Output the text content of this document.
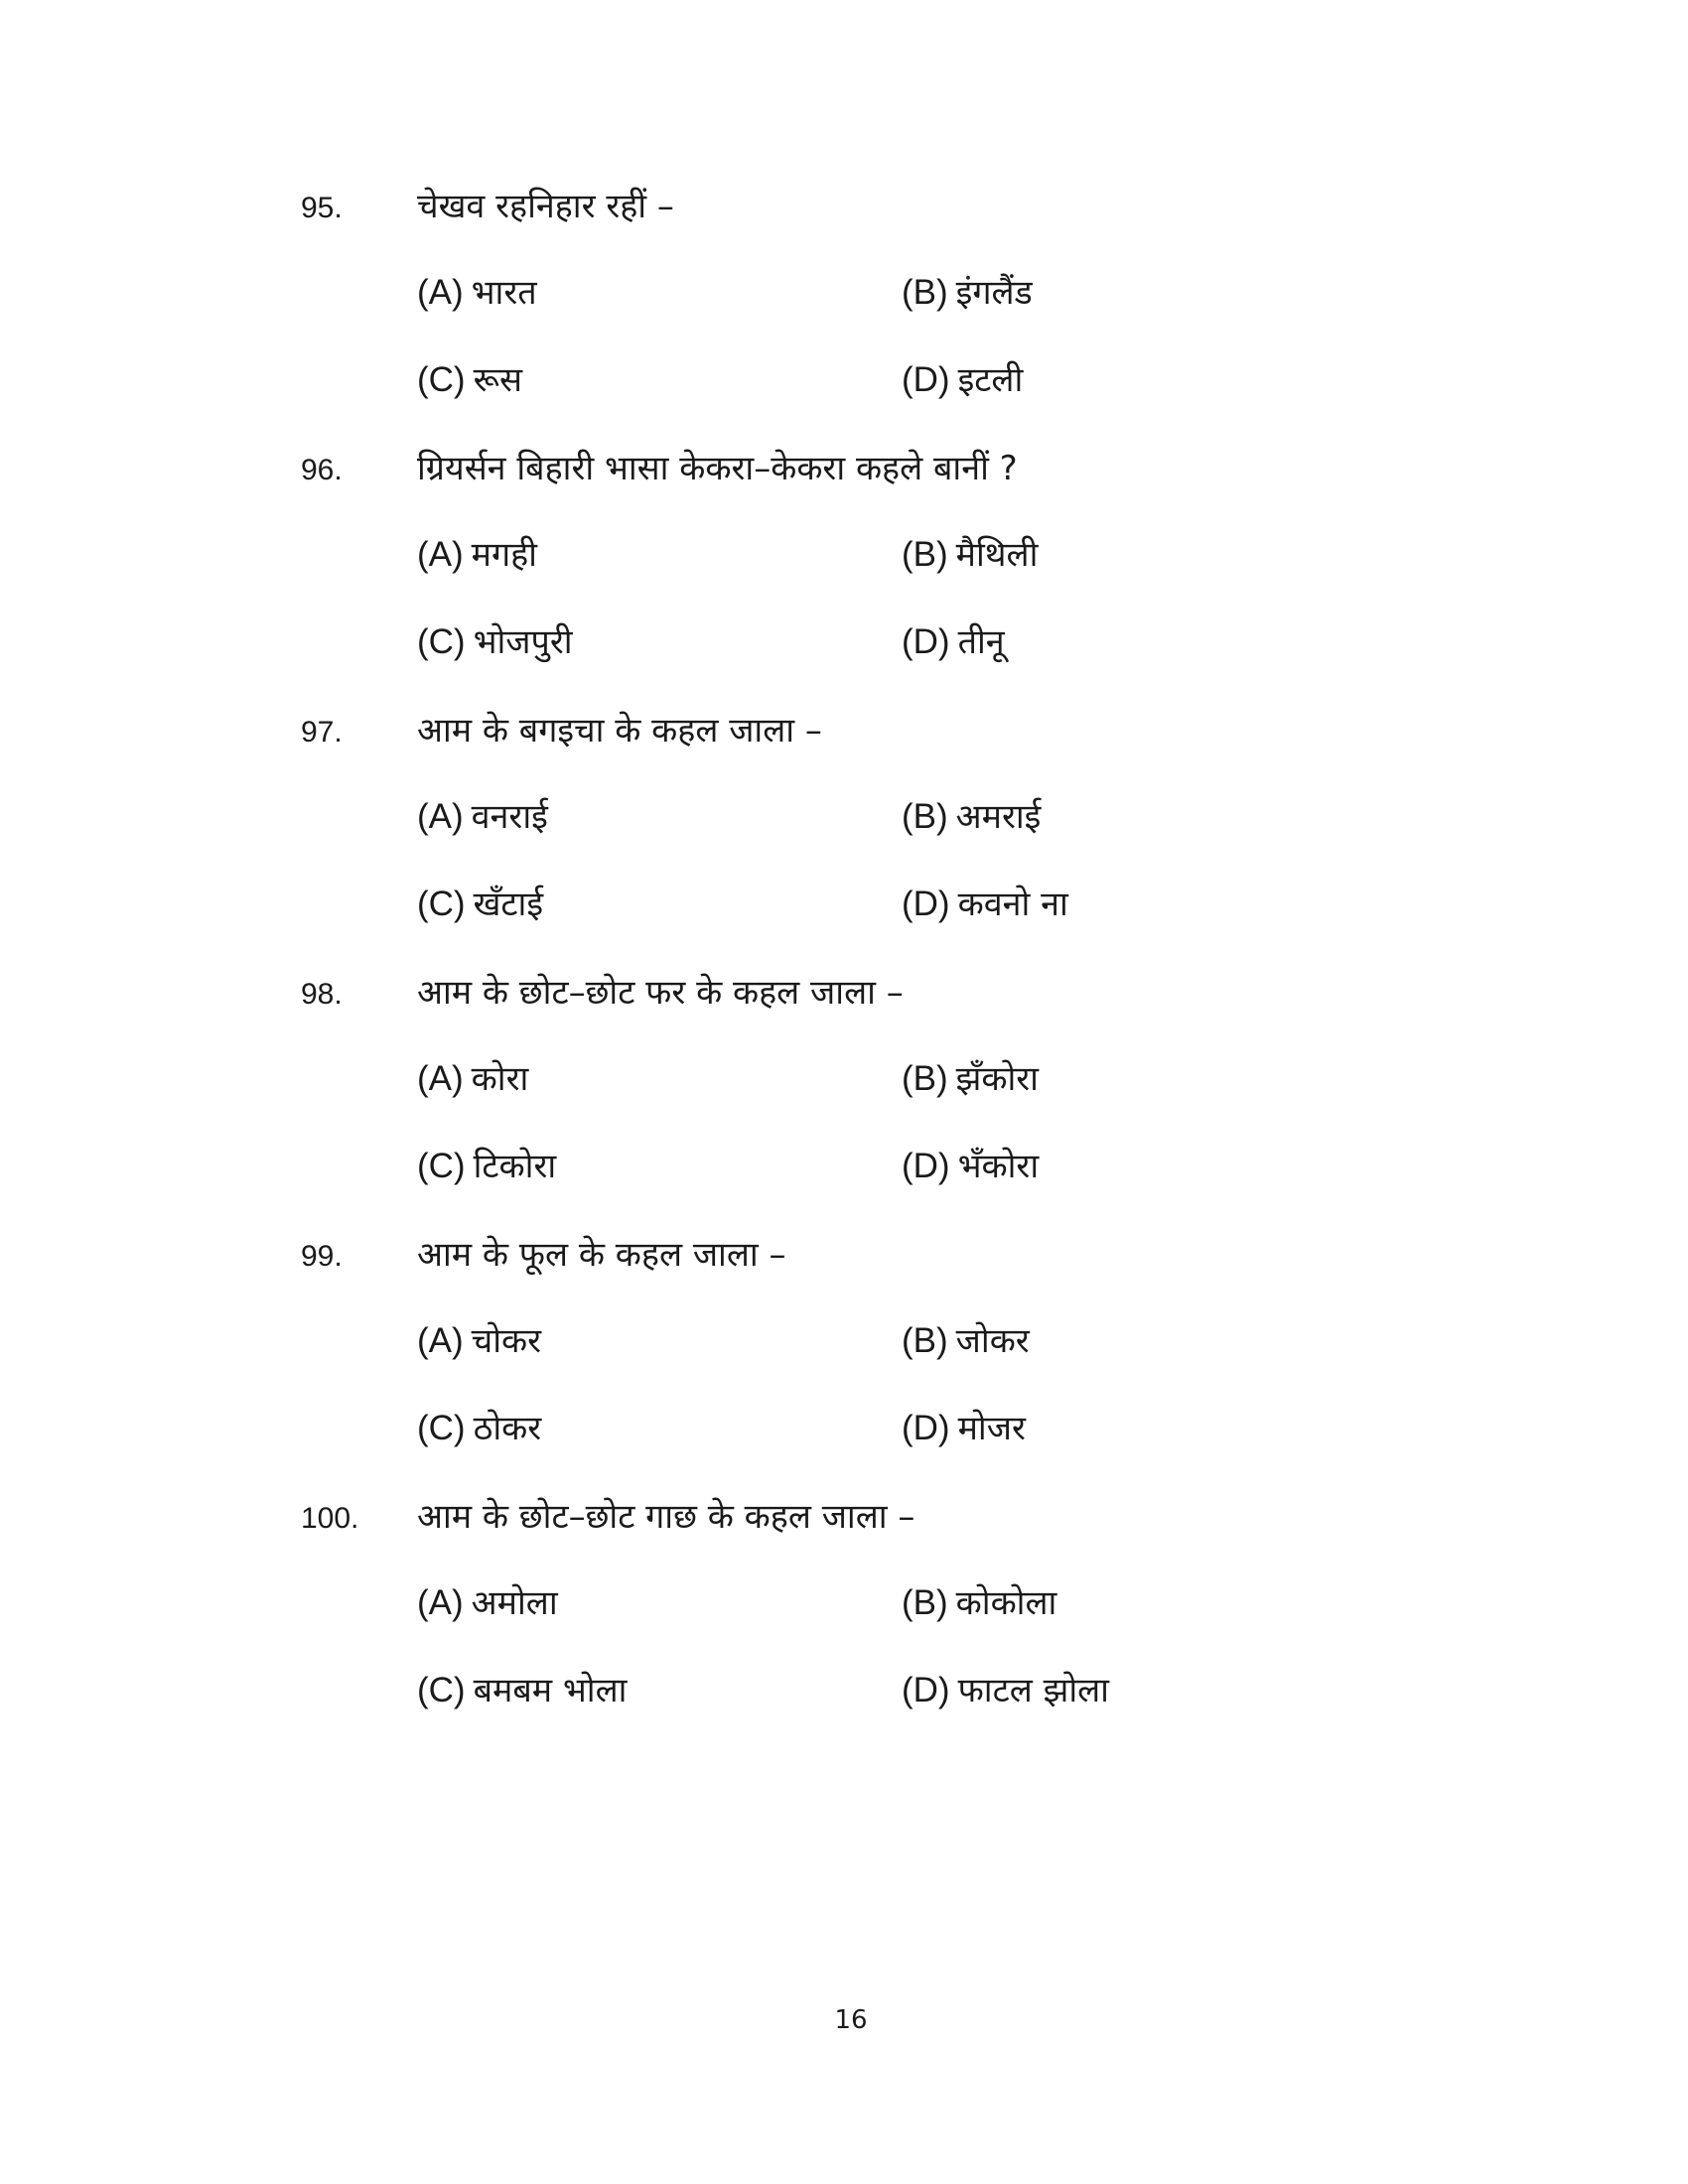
95. चेखव रहनिहार रहीं –
(A) भारत	(B) इंगलैंड
(C) रूस	(D) इटली
96. ग्रियर्सन बिहारी भासा केकरा–केकरा कहले बानीं ?
(A) मगही	(B) मैथिली
(C) भोजपुरी	(D) तीनू
97. आम के बगइचा के कहल जाला –
(A) वनराई	(B) अमराई
(C) खँटाई	(D) कवनो ना
98. आम के छोट–छोट फर के कहल जाला –
(A) कोरा	(B) झँकोरा
(C) टिकोरा	(D) भँकोरा
99. आम के फूल के कहल जाला –
(A) चोकर	(B) जोकर
(C) ठोकर	(D) मोजर
100. आम के छोट–छोट गाछ के कहल जाला –
(A) अमोला	(B) कोकोला
(C) बमबम भोला	(D) फाटल झोला
16
